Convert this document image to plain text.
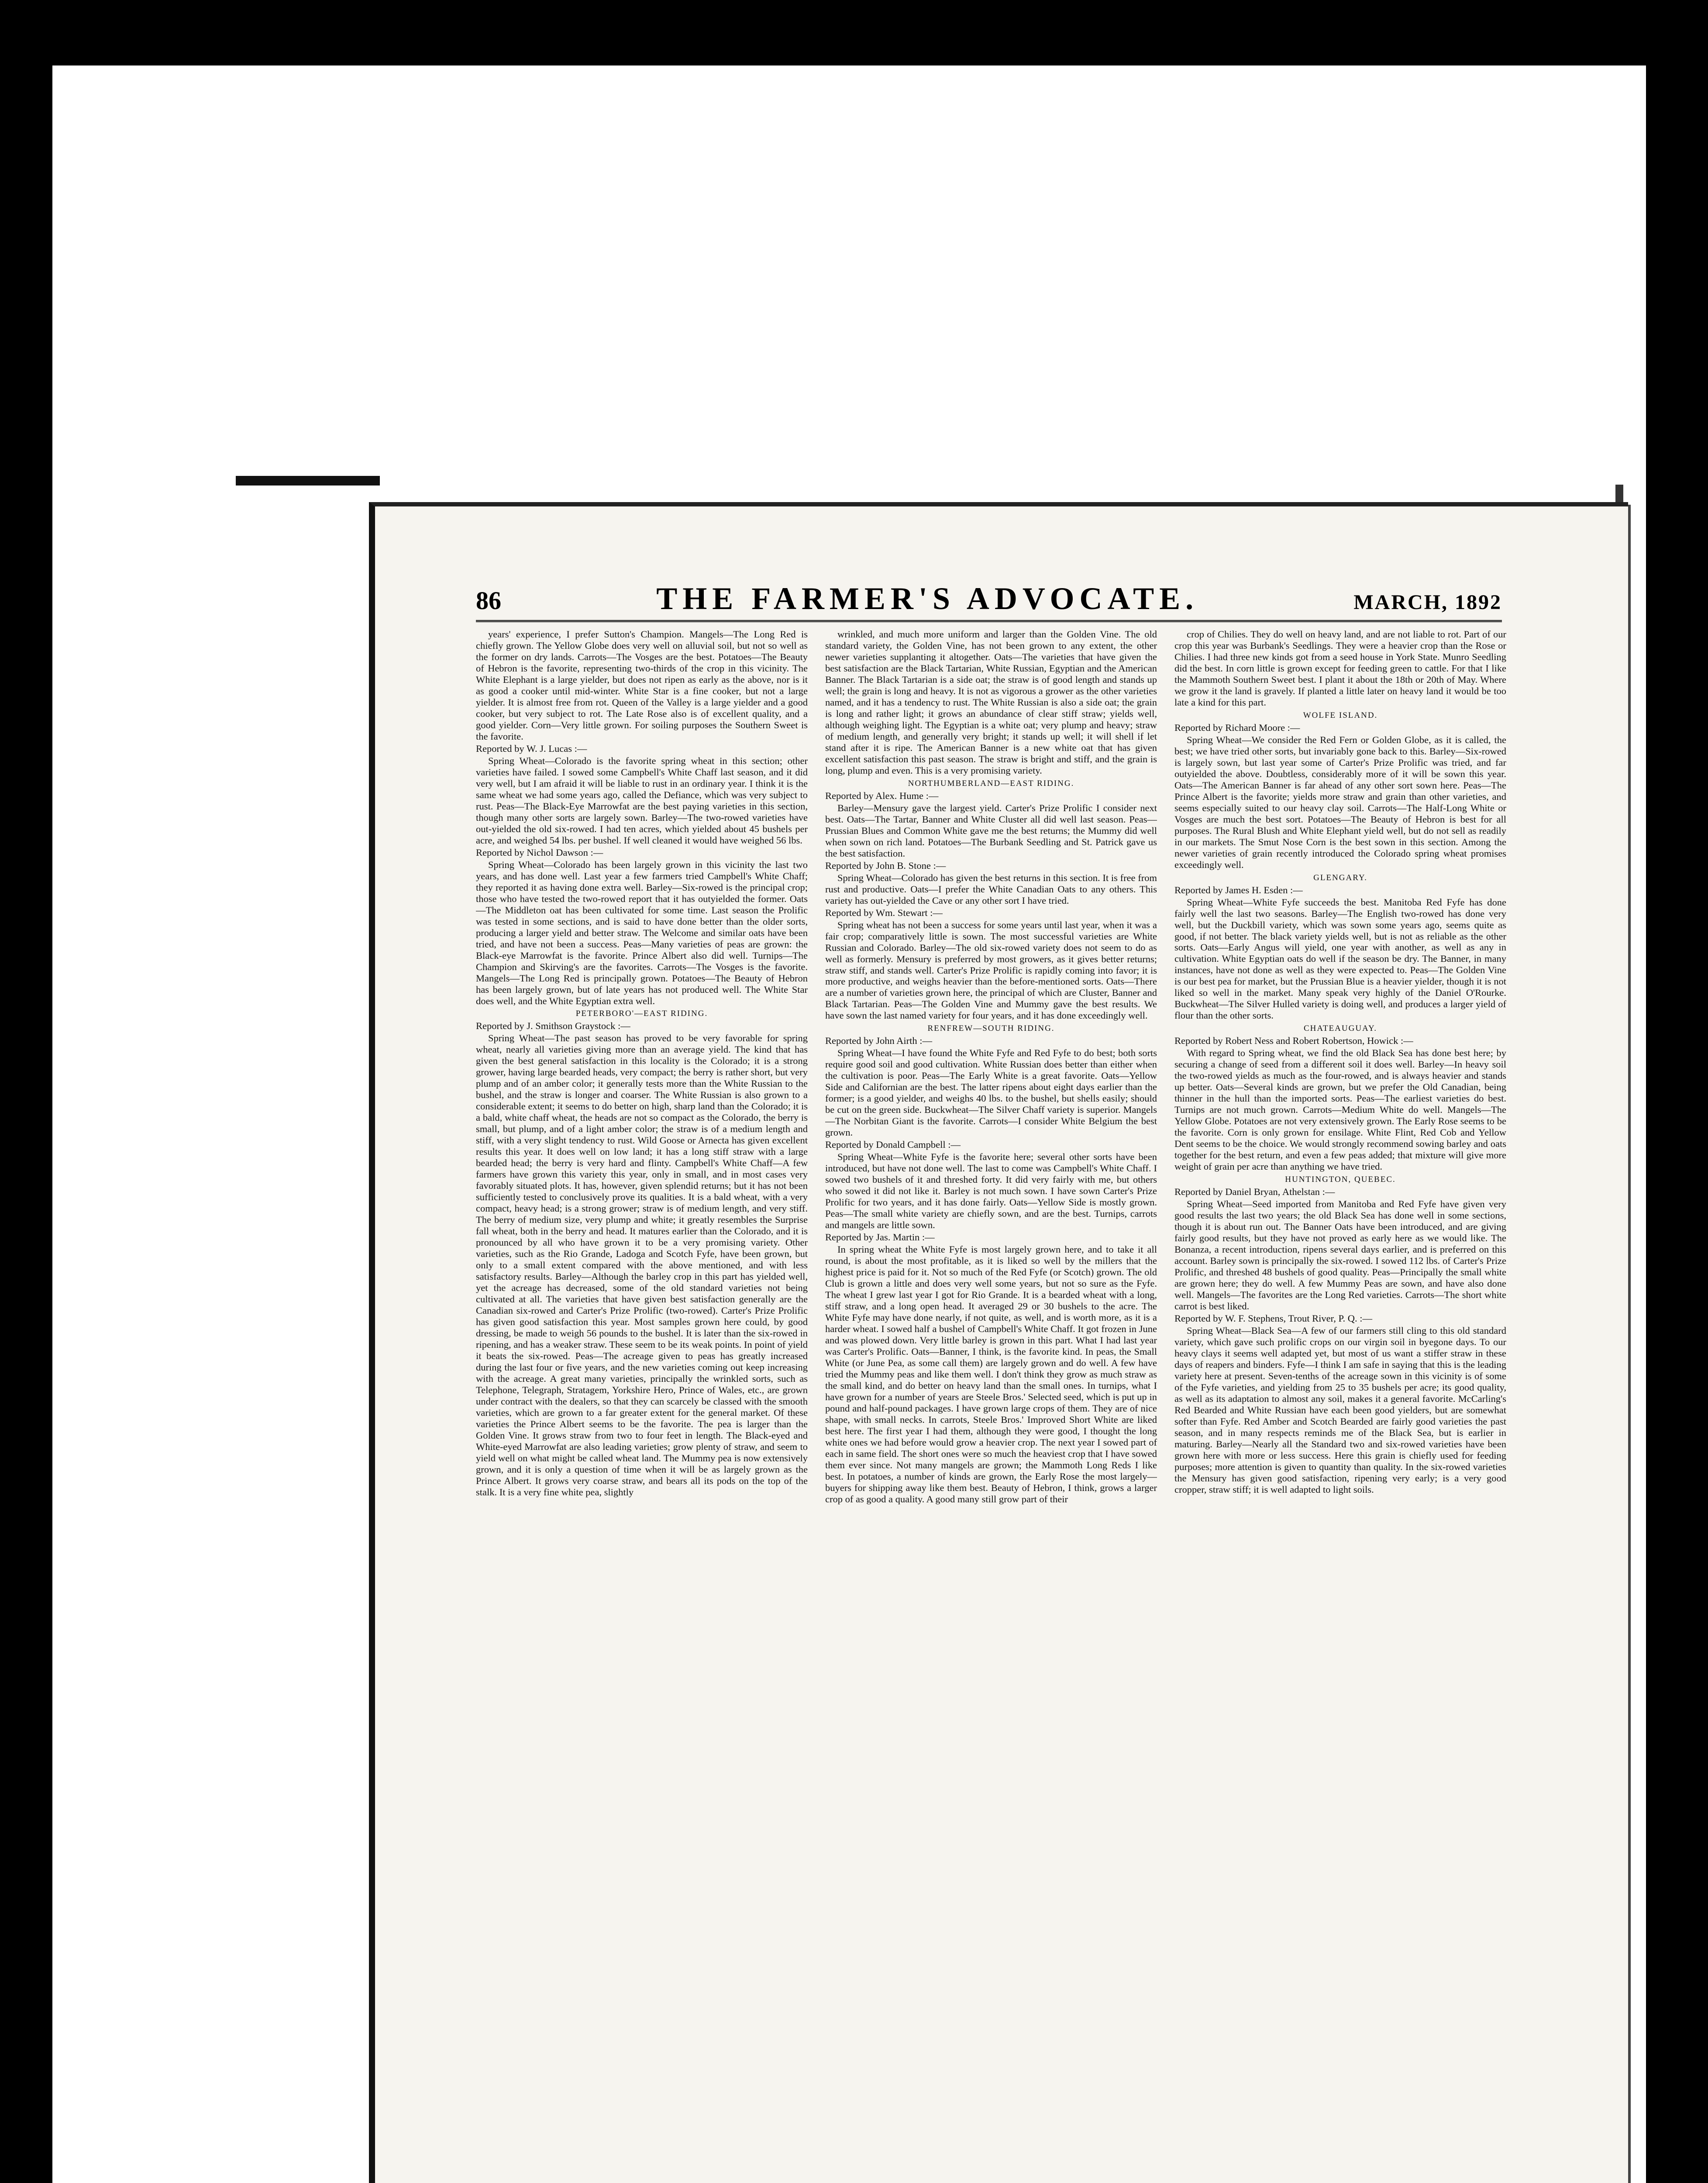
86	THE FARMER'S ADVOCATE.	MARCH, 1892

years' experience, I prefer Sutton's Champion. Mangels—The Long Red is chiefly grown. The Yellow Globe does very well on alluvial soil, but not so well as the former on dry lands. Carrots—The Vosges are the best. Potatoes—The Beauty of Hebron is the favorite, representing two-thirds of the crop in this vicinity. The White Elephant is a large yielder, but does not ripen as early as the above, nor is it as good a cooker until mid-winter. White Star is a fine cooker, but not a large yielder. It is almost free from rot. Queen of the Valley is a large yielder and a good cooker, but very subject to rot. The Late Rose also is of excellent quality, and a good yielder. Corn—Very little grown. For soiling purposes the Southern Sweet is the favorite.

Reported by W. J. Lucas :—

Spring Wheat—Colorado is the favorite spring wheat in this section; other varieties have failed. I sowed some Campbell's White Chaff last season, and it did very well, but I am afraid it will be liable to rust in an ordinary year. I think it is the same wheat we had some years ago, called the Defiance, which was very subject to rust. Peas—The Black-Eye Marrowfat are the best paying varieties in this section, though many other sorts are largely sown. Barley—The two-rowed varieties have out-yielded the old six-rowed. I had ten acres, which yielded about 45 bushels per acre, and weighed 54 lbs. per bushel. If well cleaned it would have weighed 56 lbs.

Reported by Nichol Dawson :—

Spring Wheat—Colorado has been largely grown in this vicinity the last two years, and has done well. Last year a few farmers tried Campbell's White Chaff; they reported it as having done extra well. Barley—Six-rowed is the principal crop; those who have tested the two-rowed report that it has outyielded the former. Oats—The Middleton oat has been cultivated for some time. Last season the Prolific was tested in some sections, and is said to have done better than the older sorts, producing a larger yield and better straw. The Welcome and similar oats have been tried, and have not been a success. Peas—Many varieties of peas are grown: the Black-eye Marrowfat is the favorite. Prince Albert also did well. Turnips—The Champion and Skirving's are the favorites. Carrots—The Vosges is the favorite. Mangels—The Long Red is principally grown. Potatoes—The Beauty of Hebron has been largely grown, but of late years has not produced well. The White Star does well, and the White Egyptian extra well.

PETERBORO'—EAST RIDING.

Reported by J. Smithson Graystock :—

Spring Wheat—The past season has proved to be very favorable for spring wheat, nearly all varieties giving more than an average yield. The kind that has given the best general satisfaction in this locality is the Colorado; it is a strong grower, having large bearded heads, very compact; the berry is rather short, but very plump and of an amber color; it generally tests more than the White Russian to the bushel, and the straw is longer and coarser. The White Russian is also grown to a considerable extent; it seems to do better on high, sharp land than the Colorado; it is a bald, white chaff wheat, the heads are not so compact as the Colorado, the berry is small, but plump, and of a light amber color; the straw is of a medium length and stiff, with a very slight tendency to rust. Wild Goose or Arnecta has given excellent results this year. It does well on low land; it has a long stiff straw with a large bearded head; the berry is very hard and flinty. Campbell's White Chaff—A few farmers have grown this variety this year, only in small, and in most cases very favorably situated plots. It has, however, given splendid returns; but it has not been sufficiently tested to conclusively prove its qualities. It is a bald wheat, with a very compact, heavy head; is a strong grower; straw is of medium length, and very stiff. The berry of medium size, very plump and white; it greatly resembles the Surprise fall wheat, both in the berry and head. It matures earlier than the Colorado, and it is pronounced by all who have grown it to be a very promising variety. Other varieties, such as the Rio Grande, Ladoga and Scotch Fyfe, have been grown, but only to a small extent compared with the above mentioned, and with less satisfactory results. Barley—Although the barley crop in this part has yielded well, yet the acreage has decreased, some of the old standard varieties not being cultivated at all. The varieties that have given best satisfaction generally are the Canadian six-rowed and Carter's Prize Prolific (two-rowed). Carter's Prize Prolific has given good satisfaction this year. Most samples grown here could, by good dressing, be made to weigh 56 pounds to the bushel. It is later than the six-rowed in ripening, and has a weaker straw. These seem to be its weak points. In point of yield it beats the six-rowed. Peas—The acreage given to peas has greatly increased during the last four or five years, and the new varieties coming out keep increasing with the acreage. A great many varieties, principally the wrinkled sorts, such as Telephone, Telegraph, Stratagem, Yorkshire Hero, Prince of Wales, etc., are grown under contract with the dealers, so that they can scarcely be classed with the smooth varieties, which are grown to a far greater extent for the general market. Of these varieties the Prince Albert seems to be the favorite. The pea is larger than the Golden Vine. It grows straw from two to four feet in length. The Black-eyed and White-eyed Marrowfat are also leading varieties; grow plenty of straw, and seem to yield well on what might be called wheat land. The Mummy pea is now extensively grown, and it is only a question of time when it will be as largely grown as the Prince Albert. It grows very coarse straw, and bears all its pods on the top of the stalk. It is a very fine white pea, slightly

wrinkled, and much more uniform and larger than the Golden Vine. The old standard variety, the Golden Vine, has not been grown to any extent, the other newer varieties supplanting it altogether. Oats—The varieties that have given the best satisfaction are the Black Tartarian, White Russian, Egyptian and the American Banner. The Black Tartarian is a side oat; the straw is of good length and stands up well; the grain is long and heavy. It is not as vigorous a grower as the other varieties named, and it has a tendency to rust. The White Russian is also a side oat; the grain is long and rather light; it grows an abundance of clear stiff straw; yields well, although weighing light. The Egyptian is a white oat; very plump and heavy; straw of medium length, and generally very bright; it stands up well; it will shell if let stand after it is ripe. The American Banner is a new white oat that has given excellent satisfaction this past season. The straw is bright and stiff, and the grain is long, plump and even. This is a very promising variety.

NORTHUMBERLAND—EAST RIDING.

Reported by Alex. Hume :—

Barley—Mensury gave the largest yield. Carter's Prize Prolific I consider next best. Oats—The Tartar, Banner and White Cluster all did well last season. Peas—Prussian Blues and Common White gave me the best returns; the Mummy did well when sown on rich land. Potatoes—The Burbank Seedling and St. Patrick gave us the best satisfaction.

Reported by John B. Stone :—

Spring Wheat—Colorado has given the best returns in this section. It is free from rust and productive. Oats—I prefer the White Canadian Oats to any others. This variety has out-yielded the Cave or any other sort I have tried.

Reported by Wm. Stewart :—

Spring wheat has not been a success for some years until last year, when it was a fair crop; comparatively little is sown. The most successful varieties are White Russian and Colorado. Barley—The old six-rowed variety does not seem to do as well as formerly. Mensury is preferred by most growers, as it gives better returns; straw stiff, and stands well. Carter's Prize Prolific is rapidly coming into favor; it is more productive, and weighs heavier than the before-mentioned sorts. Oats—There are a number of varieties grown here, the principal of which are Cluster, Banner and Black Tartarian. Peas—The Golden Vine and Mummy gave the best results. We have sown the last named variety for four years, and it has done exceedingly well.

RENFREW—SOUTH RIDING.

Reported by John Airth :—

Spring Wheat—I have found the White Fyfe and Red Fyfe to do best; both sorts require good soil and good cultivation. White Russian does better than either when the cultivation is poor. Peas—The Early White is a great favorite. Oats—Yellow Side and Californian are the best. The latter ripens about eight days earlier than the former; is a good yielder, and weighs 40 lbs. to the bushel, but shells easily; should be cut on the green side. Buckwheat—The Silver Chaff variety is superior. Mangels—The Norbitan Giant is the favorite. Carrots—I consider White Belgium the best grown.

Reported by Donald Campbell :—

Spring Wheat—White Fyfe is the favorite here; several other sorts have been introduced, but have not done well. The last to come was Campbell's White Chaff. I sowed two bushels of it and threshed forty. It did very fairly with me, but others who sowed it did not like it. Barley is not much sown. I have sown Carter's Prize Prolific for two years, and it has done fairly. Oats—Yellow Side is mostly grown. Peas—The small white variety are chiefly sown, and are the best. Turnips, carrots and mangels are little sown.

Reported by Jas. Martin :—

In spring wheat the White Fyfe is most largely grown here, and to take it all round, is about the most profitable, as it is liked so well by the millers that the highest price is paid for it. Not so much of the Red Fyfe (or Scotch) grown. The old Club is grown a little and does very well some years, but not so sure as the Fyfe. The wheat I grew last year I got for Rio Grande. It is a bearded wheat with a long, stiff straw, and a long open head. It averaged 29 or 30 bushels to the acre. The White Fyfe may have done nearly, if not quite, as well, and is worth more, as it is a harder wheat. I sowed half a bushel of Campbell's White Chaff. It got frozen in June and was plowed down. Very little barley is grown in this part. What I had last year was Carter's Prolific. Oats—Banner, I think, is the favorite kind. In peas, the Small White (or June Pea, as some call them) are largely grown and do well. A few have tried the Mummy peas and like them well. I don't think they grow as much straw as the small kind, and do better on heavy land than the small ones. In turnips, what I have grown for a number of years are Steele Bros.' Selected seed, which is put up in pound and half-pound packages. I have grown large crops of them. They are of nice shape, with small necks. In carrots, Steele Bros.' Improved Short White are liked best here. The first year I had them, although they were good, I thought the long white ones we had before would grow a heavier crop. The next year I sowed part of each in same field. The short ones were so much the heaviest crop that I have sowed them ever since. Not many mangels are grown; the Mammoth Long Reds I like best. In potatoes, a number of kinds are grown, the Early Rose the most largely—buyers for shipping away like them best. Beauty of Hebron, I think, grows a larger crop of as good a quality. A good many still grow part of their

crop of Chilies. They do well on heavy land, and are not liable to rot. Part of our crop this year was Burbank's Seedlings. They were a heavier crop than the Rose or Chilies. I had three new kinds got from a seed house in York State. Munro Seedling did the best. In corn little is grown except for feeding green to cattle. For that I like the Mammoth Southern Sweet best. I plant it about the 18th or 20th of May. Where we grow it the land is gravely. If planted a little later on heavy land it would be too late a kind for this part.

WOLFE ISLAND.

Reported by Richard Moore :—

Spring Wheat—We consider the Red Fern or Golden Globe, as it is called, the best; we have tried other sorts, but invariably gone back to this. Barley—Six-rowed is largely sown, but last year some of Carter's Prize Prolific was tried, and far outyielded the above. Doubtless, considerably more of it will be sown this year. Oats—The American Banner is far ahead of any other sort sown here. Peas—The Prince Albert is the favorite; yields more straw and grain than other varieties, and seems especially suited to our heavy clay soil. Carrots—The Half-Long White or Vosges are much the best sort. Potatoes—The Beauty of Hebron is best for all purposes. The Rural Blush and White Elephant yield well, but do not sell as readily in our markets. The Smut Nose Corn is the best sown in this section. Among the newer varieties of grain recently introduced the Colorado spring wheat promises exceedingly well.

GLENGARY.

Reported by James H. Esden :—

Spring Wheat—White Fyfe succeeds the best. Manitoba Red Fyfe has done fairly well the last two seasons. Barley—The English two-rowed has done very well, but the Duckbill variety, which was sown some years ago, seems quite as good, if not better. The black variety yields well, but is not as reliable as the other sorts. Oats—Early Angus will yield, one year with another, as well as any in cultivation. White Egyptian oats do well if the season be dry. The Banner, in many instances, have not done as well as they were expected to. Peas—The Golden Vine is our best pea for market, but the Prussian Blue is a heavier yielder, though it is not liked so well in the market. Many speak very highly of the Daniel O'Rourke. Buckwheat—The Silver Hulled variety is doing well, and produces a larger yield of flour than the other sorts.

CHATEAUGUAY.

Reported by Robert Ness and Robert Robertson, Howick :—

With regard to Spring wheat, we find the old Black Sea has done best here; by securing a change of seed from a different soil it does well. Barley—In heavy soil the two-rowed yields as much as the four-rowed, and is always heavier and stands up better. Oats—Several kinds are grown, but we prefer the Old Canadian, being thinner in the hull than the imported sorts. Peas—The earliest varieties do best. Turnips are not much grown. Carrots—Medium White do well. Mangels—The Yellow Globe. Potatoes are not very extensively grown. The Early Rose seems to be the favorite. Corn is only grown for ensilage. White Flint, Red Cob and Yellow Dent seems to be the choice. We would strongly recommend sowing barley and oats together for the best return, and even a few peas added; that mixture will give more weight of grain per acre than anything we have tried.

HUNTINGTON, QUEBEC.

Reported by Daniel Bryan, Athelstan :—

Spring Wheat—Seed imported from Manitoba and Red Fyfe have given very good results the last two years; the old Black Sea has done well in some sections, though it is about run out. The Banner Oats have been introduced, and are giving fairly good results, but they have not proved as early here as we would like. The Bonanza, a recent introduction, ripens several days earlier, and is preferred on this account. Barley sown is principally the six-rowed. I sowed 112 lbs. of Carter's Prize Prolific, and threshed 48 bushels of good quality. Peas—Principally the small white are grown here; they do well. A few Mummy Peas are sown, and have also done well. Mangels—The favorites are the Long Red varieties. Carrots—The short white carrot is best liked.

Reported by W. F. Stephens, Trout River, P. Q. :—

Spring Wheat—Black Sea—A few of our farmers still cling to this old standard variety, which gave such prolific crops on our virgin soil in byegone days. To our heavy clays it seems well adapted yet, but most of us want a stiffer straw in these days of reapers and binders. Fyfe—I think I am safe in saying that this is the leading variety here at present. Seven-tenths of the acreage sown in this vicinity is of some of the Fyfe varieties, and yielding from 25 to 35 bushels per acre; its good quality, as well as its adaptation to almost any soil, makes it a general favorite. McCarling's Red Bearded and White Russian have each been good yielders, but are somewhat softer than Fyfe. Red Amber and Scotch Bearded are fairly good varieties the past season, and in many respects reminds me of the Black Sea, but is earlier in maturing. Barley—Nearly all the Standard two and six-rowed varieties have been grown here with more or less success. Here this grain is chiefly used for feeding purposes; more attention is given to quantity than quality. In the six-rowed varieties the Mensury has given good satisfaction, ripening very early; is a very good cropper, straw stiff; it is well adapted to light soils.
